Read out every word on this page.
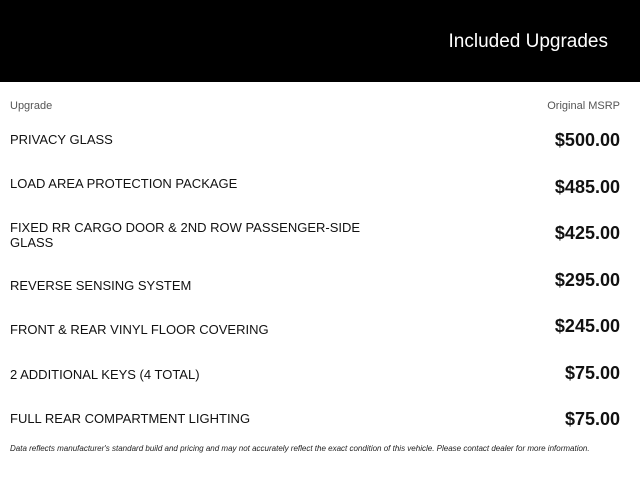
Included Upgrades
Upgrade	Original MSRP
PRIVACY GLASS	$500.00
LOAD AREA PROTECTION PACKAGE	$485.00
FIXED RR CARGO DOOR & 2ND ROW PASSENGER-SIDE GLASS	$425.00
REVERSE SENSING SYSTEM	$295.00
FRONT & REAR VINYL FLOOR COVERING	$245.00
2 ADDITIONAL KEYS (4 TOTAL)	$75.00
FULL REAR COMPARTMENT LIGHTING	$75.00
Data reflects manufacturer's standard build and pricing and may not accurately reflect the exact condition of this vehicle. Please contact dealer for more information.
